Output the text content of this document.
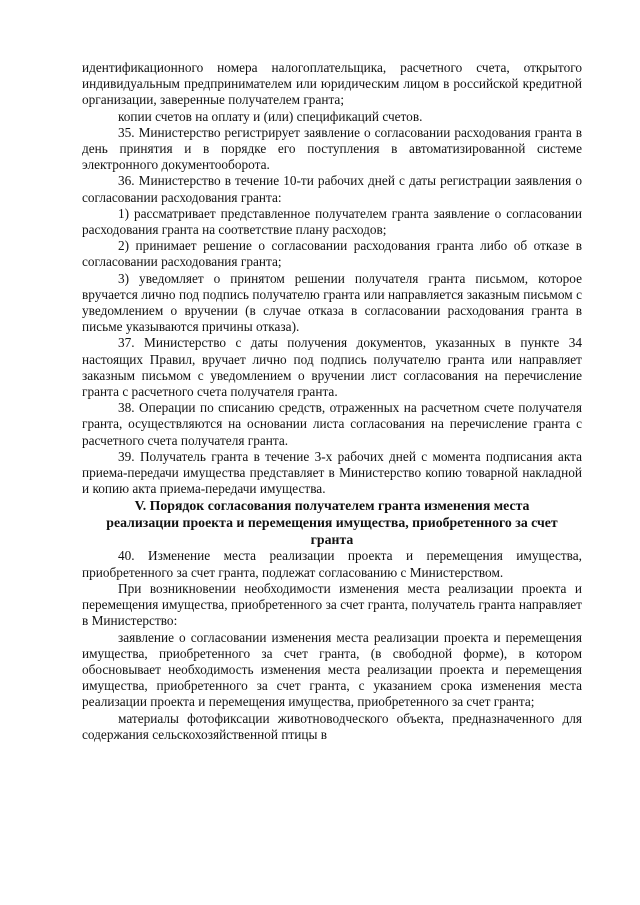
идентификационного номера налогоплательщика, расчетного счета, открытого индивидуальным предпринимателем или юридическим лицом в российской кредитной организации, заверенные получателем гранта;

копии счетов на оплату и (или) спецификаций счетов.

35. Министерство регистрирует заявление о согласовании расходования гранта в день принятия и в порядке его поступления в автоматизированной системе электронного документооборота.

36. Министерство в течение 10-ти рабочих дней с даты регистрации заявления о согласовании расходования гранта:

1) рассматривает представленное получателем гранта заявление о согласовании расходования гранта на соответствие плану расходов;

2) принимает решение о согласовании расходования гранта либо об отказе в согласовании расходования гранта;

3) уведомляет о принятом решении получателя гранта письмом, которое вручается лично под подпись получателю гранта или направляется заказным письмом с уведомлением о вручении (в случае отказа в согласовании расходования гранта в письме указываются причины отказа).

37. Министерство с даты получения документов, указанных в пункте 34 настоящих Правил, вручает лично под подпись получателю гранта или направляет заказным письмом с уведомлением о вручении лист согласования на перечисление гранта с расчетного счета получателя гранта.

38. Операции по списанию средств, отраженных на расчетном счете получателя гранта, осуществляются на основании листа согласования на перечисление гранта с расчетного счета получателя гранта.

39. Получатель гранта в течение 3-х рабочих дней с момента подписания акта приема-передачи имущества представляет в Министерство копию товарной накладной и копию акта приема-передачи имущества.

V. Порядок согласования получателем гранта изменения места
реализации проекта и перемещения имущества, приобретенного за счет
гранта

40. Изменение места реализации проекта и перемещения имущества, приобретенного за счет гранта, подлежат согласованию с Министерством.

При возникновении необходимости изменения места реализации проекта и перемещения имущества, приобретенного за счет гранта, получатель гранта направляет в Министерство:

заявление о согласовании изменения места реализации проекта и перемещения имущества, приобретенного за счет гранта, (в свободной форме), в котором обосновывает необходимость изменения места реализации проекта и перемещения имущества, приобретенного за счет гранта, с указанием срока изменения места реализации проекта и перемещения имущества, приобретенного за счет гранта;

материалы фотофиксации животноводческого объекта, предназначенного для содержания сельскохозяйственной птицы в
